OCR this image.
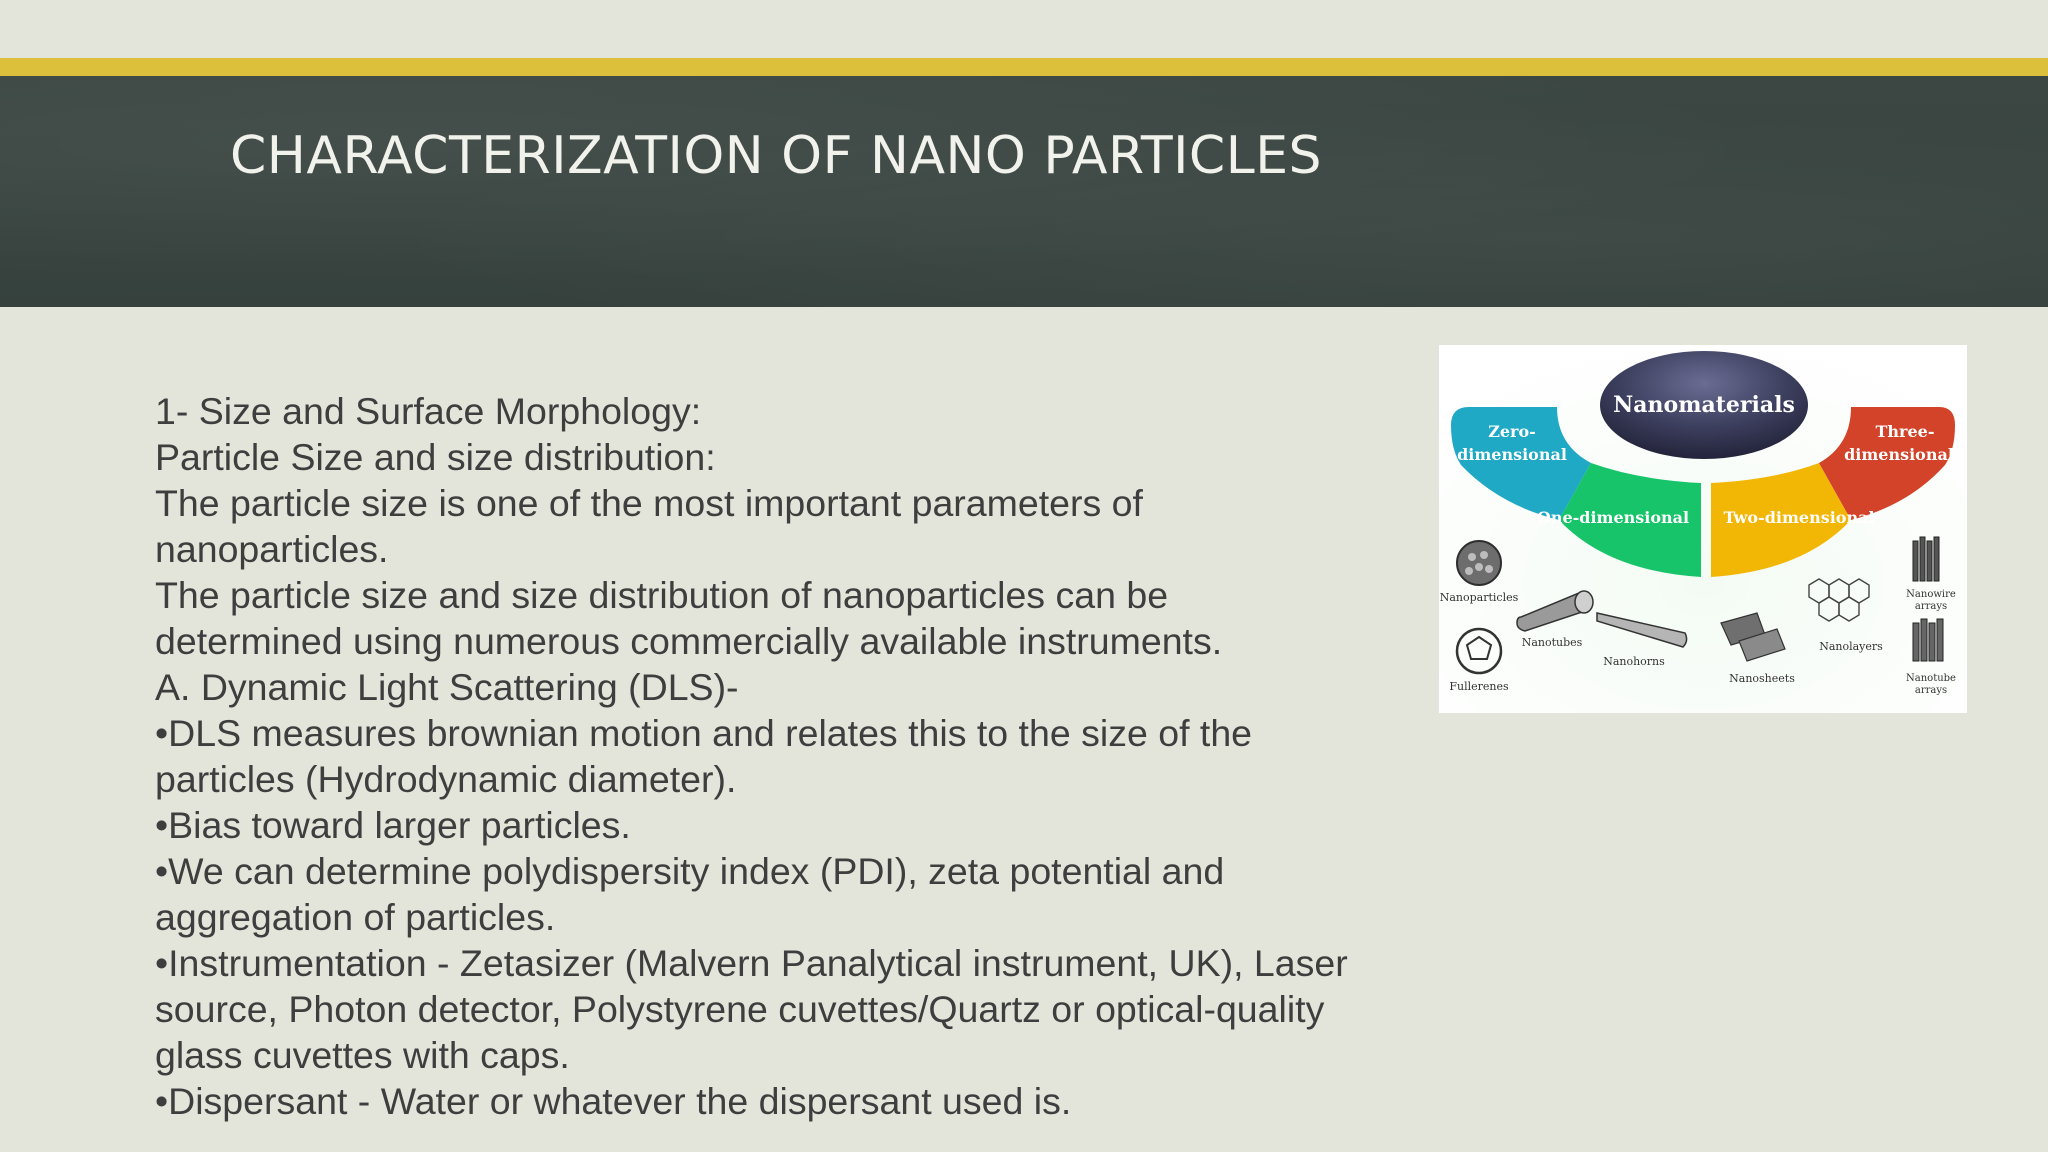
CHARACTERIZATION OF NANO PARTICLES
1- Size and Surface Morphology:
Particle Size and size distribution:
The particle size is one of the most important parameters of
nanoparticles.
The particle size and size distribution of nanoparticles can be
determined using numerous commercially available instruments.
A. Dynamic Light Scattering (DLS)-
•DLS measures brownian motion and relates this to the size of the
particles (Hydrodynamic diameter).
•Bias toward larger particles.
•We can determine polydispersity index (PDI), zeta potential and
aggregation of particles.
•Instrumentation - Zetasizer (Malvern Panalytical instrument, UK), Laser
source, Photon detector, Polystyrene cuvettes/Quartz or optical-quality
glass cuvettes with caps.
•Dispersant - Water or whatever the dispersant used is.
Nanomaterials
Zero-
dimensional
One-dimensional Two-dimensional
Three-
dimensional
Nanoparticles
Fullerenes
Nanotubes
Nanohorns
Nanosheets
Nanolayers
Nanowire
arrays
Nanotube
arrays
